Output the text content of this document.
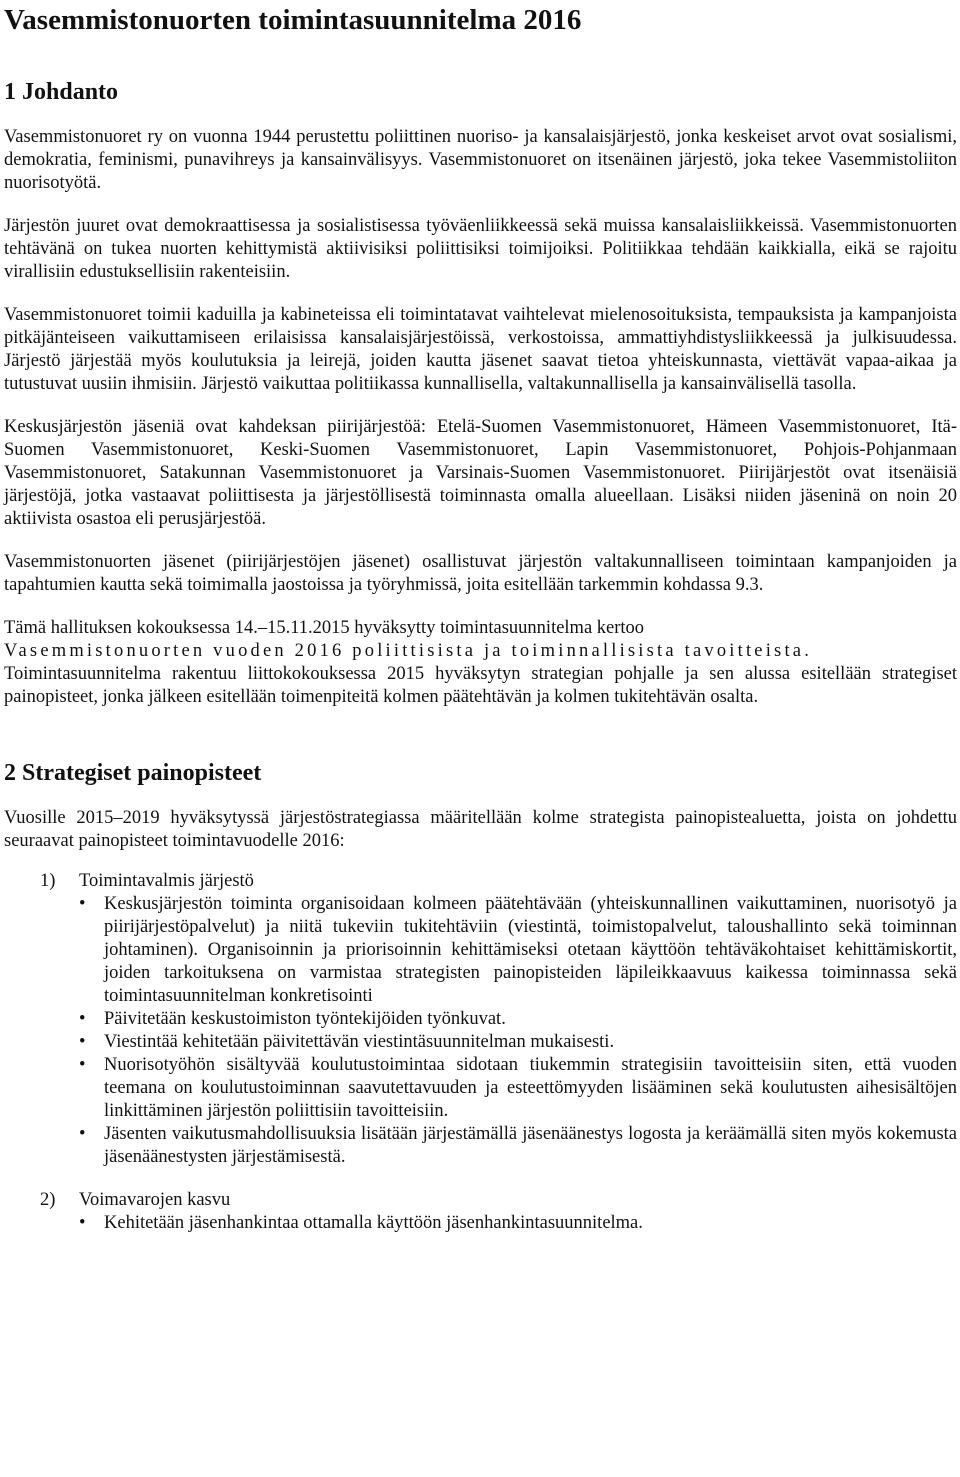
Vasemmistonuorten toimintasuunnitelma 2016
1 Johdanto

Vasemmistonuoret ry on vuonna 1944 perustettu poliittinen nuoriso- ja kansalaisjärjestö, jonka keskeiset arvot ovat sosialismi, demokratia, feminismi, punavihreys ja kansainvälisyys. Vasemmistonuoret on itsenäinen järjestö, joka tekee Vasemmistoliiton nuorisotyötä.

Järjestön juuret ovat demokraattisessa ja sosialistisessa työväenliikkeessä sekä muissa kansalaisliikkeissä. Vasemmistonuorten tehtävänä on tukea nuorten kehittymistä aktiivisiksi poliittisiksi toimijoiksi. Politiikkaa tehdään kaikkialla, eikä se rajoitu virallisiin edustuksellisiin rakenteisiin.

Vasemmistonuoret toimii kaduilla ja kabineteissa eli toimintatavat vaihtelevat mielenosoituksista, tempauksista ja kampanjoista pitkäjänteiseen vaikuttamiseen erilaisissa kansalaisjärjestöissä, verkostoissa, ammattiyhdistysliikkeessä ja julkisuudessa. Järjestö järjestää myös koulutuksia ja leirejä, joiden kautta jäsenet saavat tietoa yhteiskunnasta, viettävät vapaa-aikaa ja tutustuvat uusiin ihmisiin. Järjestö vaikuttaa politiikassa kunnallisella, valtakunnallisella ja kansainvälisellä tasolla.

Keskusjärjestön jäseniä ovat kahdeksan piirijärjestöä: Etelä-Suomen Vasemmistonuoret, Hämeen Vasemmistonuoret, Itä-Suomen Vasemmistonuoret, Keski-Suomen Vasemmistonuoret, Lapin Vasemmistonuoret, Pohjois-Pohjanmaan Vasemmistonuoret, Satakunnan Vasemmistonuoret ja Varsinais-Suomen Vasemmistonuoret. Piirijärjestöt ovat itsenäisiä järjestöjä, jotka vastaavat poliittisesta ja järjestöllisestä toiminnasta omalla alueellaan. Lisäksi niiden jäseninä on noin 20 aktiivista osastoa eli perusjärjestöä.

Vasemmistonuorten jäsenet (piirijärjestöjen jäsenet) osallistuvat järjestön valtakunnalliseen toimintaan kampanjoiden ja tapahtumien kautta sekä toimimalla jaostoissa ja työryhmissä, joita esitellään tarkemmin kohdassa 9.3.

Tämä hallituksen kokouksessa 14.–15.11.2015 hyväksytty toimintasuunnitelma kertoo
Vasemmistonuorten vuoden 2016 poliittisista ja toiminnallisista tavoitteista.
Toimintasuunnitelma rakentuu liittokokouksessa 2015 hyväksytyn strategian pohjalle ja sen alussa esitellään strategiset painopisteet, jonka jälkeen esitellään toimenpiteitä kolmen päätehtävän ja kolmen tukitehtävän osalta.

2 Strategiset painopisteet

Vuosille 2015–2019 hyväksytyssä järjestöstrategiassa määritellään kolme strategista painopistealuetta, joista on johdettu seuraavat painopisteet toimintavuodelle 2016:

1) Toimintavalmis järjestö
• Keskusjärjestön toiminta organisoidaan kolmeen päätehtävään (yhteiskunnallinen vaikuttaminen, nuorisotyö ja piirijärjestöpalvelut) ja niitä tukeviin tukitehtäviin (viestintä, toimistopalvelut, taloushallinto sekä toiminnan johtaminen). Organisoinnin ja priorisoinnin kehittämiseksi otetaan käyttöön tehtäväkohtaiset kehittämiskortit, joiden tarkoituksena on varmistaa strategisten painopisteiden läpileikkaavuus kaikessa toiminnassa sekä toimintasuunnitelman konkretisointi
• Päivitetään keskustoimiston työntekijöiden työnkuvat.
• Viestintää kehitetään päivitettävän viestintäsuunnitelman mukaisesti.
• Nuorisotyöhön sisältyvää koulutustoimintaa sidotaan tiukemmin strategisiin tavoitteisiin siten, että vuoden teemana on koulutustoiminnan saavutettavuuden ja esteettömyyden lisääminen sekä koulutusten aihesisältöjen linkittäminen järjestön poliittisiin tavoitteisiin.
• Jäsenten vaikutusmahdollisuuksia lisätään järjestämällä jäsenäänestys logosta ja keräämällä siten myös kokemusta jäsenäänestysten järjestämisestä.
2) Voimavarojen kasvu
• Kehitetään jäsenhankintaa ottamalla käyttöön jäsenhankintasuunnitelma.
